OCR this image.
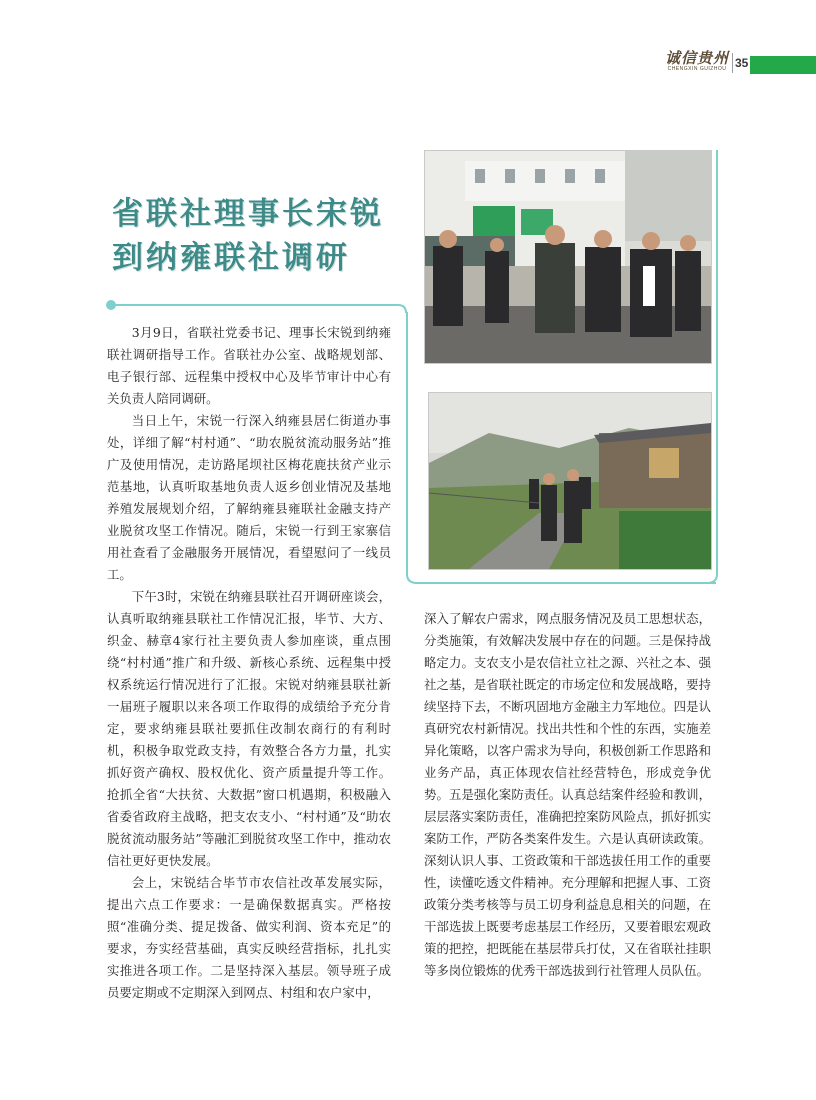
诚信贵州
CHENGXIN GUIZHOU 35
省联社理事长宋锐
到纳雍联社调研

3月9日，省联社党委书记、理事长宋锐到纳雍联社调研指导工作。省联社办公室、战略规划部、电子银行部、远程集中授权中心及毕节审计中心有关负责人陪同调研。

当日上午，宋锐一行深入纳雍县居仁街道办事处，详细了解“村村通”、“助农脱贫流动服务站”推广及使用情况，走访路尾坝社区梅花鹿扶贫产业示范基地，认真听取基地负责人返乡创业情况及基地养殖发展规划介绍，了解纳雍县雍联社金融支持产业脱贫攻坚工作情况。随后，宋锐一行到王家寨信用社查看了金融服务开展情况，看望慰问了一线员工。

下午3时，宋锐在纳雍县联社召开调研座谈会，认真听取纳雍县联社工作情况汇报，毕节、大方、织金、赫章4家行社主要负责人参加座谈，重点围绕“村村通”推广和升级、新核心系统、远程集中授权系统运行情况进行了汇报。宋锐对纳雍县联社新一届班子履职以来各项工作取得的成绩给予充分肯定，要求纳雍县联社要抓住改制农商行的有利时机，积极争取党政支持，有效整合各方力量，扎实抓好资产确权、股权优化、资产质量提升等工作。抢抓全省“大扶贫、大数据”窗口机遇期，积极融入省委省政府主战略，把支农支小、“村村通”及“助农脱贫流动服务站”等融汇到脱贫攻坚工作中，推动农信社更好更快发展。

会上，宋锐结合毕节市农信社改革发展实际，提出六点工作要求：一是确保数据真实。严格按照“准确分类、提足拨备、做实利润、资本充足”的要求，夯实经营基础，真实反映经营指标，扎扎实实推进各项工作。二是坚持深入基层。领导班子成员要定期或不定期深入到网点、村组和农户家中，

深入了解农户需求，网点服务情况及员工思想状态，分类施策，有效解决发展中存在的问题。三是保持战略定力。支农支小是农信社立社之源、兴社之本、强社之基，是省联社既定的市场定位和发展战略，要持续坚持下去，不断巩固地方金融主力军地位。四是认真研究农村新情况。找出共性和个性的东西，实施差异化策略，以客户需求为导向，积极创新工作思路和业务产品，真正体现农信社经营特色，形成竞争优势。五是强化案防责任。认真总结案件经验和教训，层层落实案防责任，准确把控案防风险点，抓好抓实案防工作，严防各类案件发生。六是认真研读政策。深刻认识人事、工资政策和干部选拔任用工作的重要性，读懂吃透文件精神。充分理解和把握人事、工资政策分类考核等与员工切身利益息息相关的问题，在干部选拔上既要考虑基层工作经历，又要着眼宏观政策的把控，把既能在基层带兵打仗，又在省联社挂职等多岗位锻炼的优秀干部选拔到行社管理人员队伍。
